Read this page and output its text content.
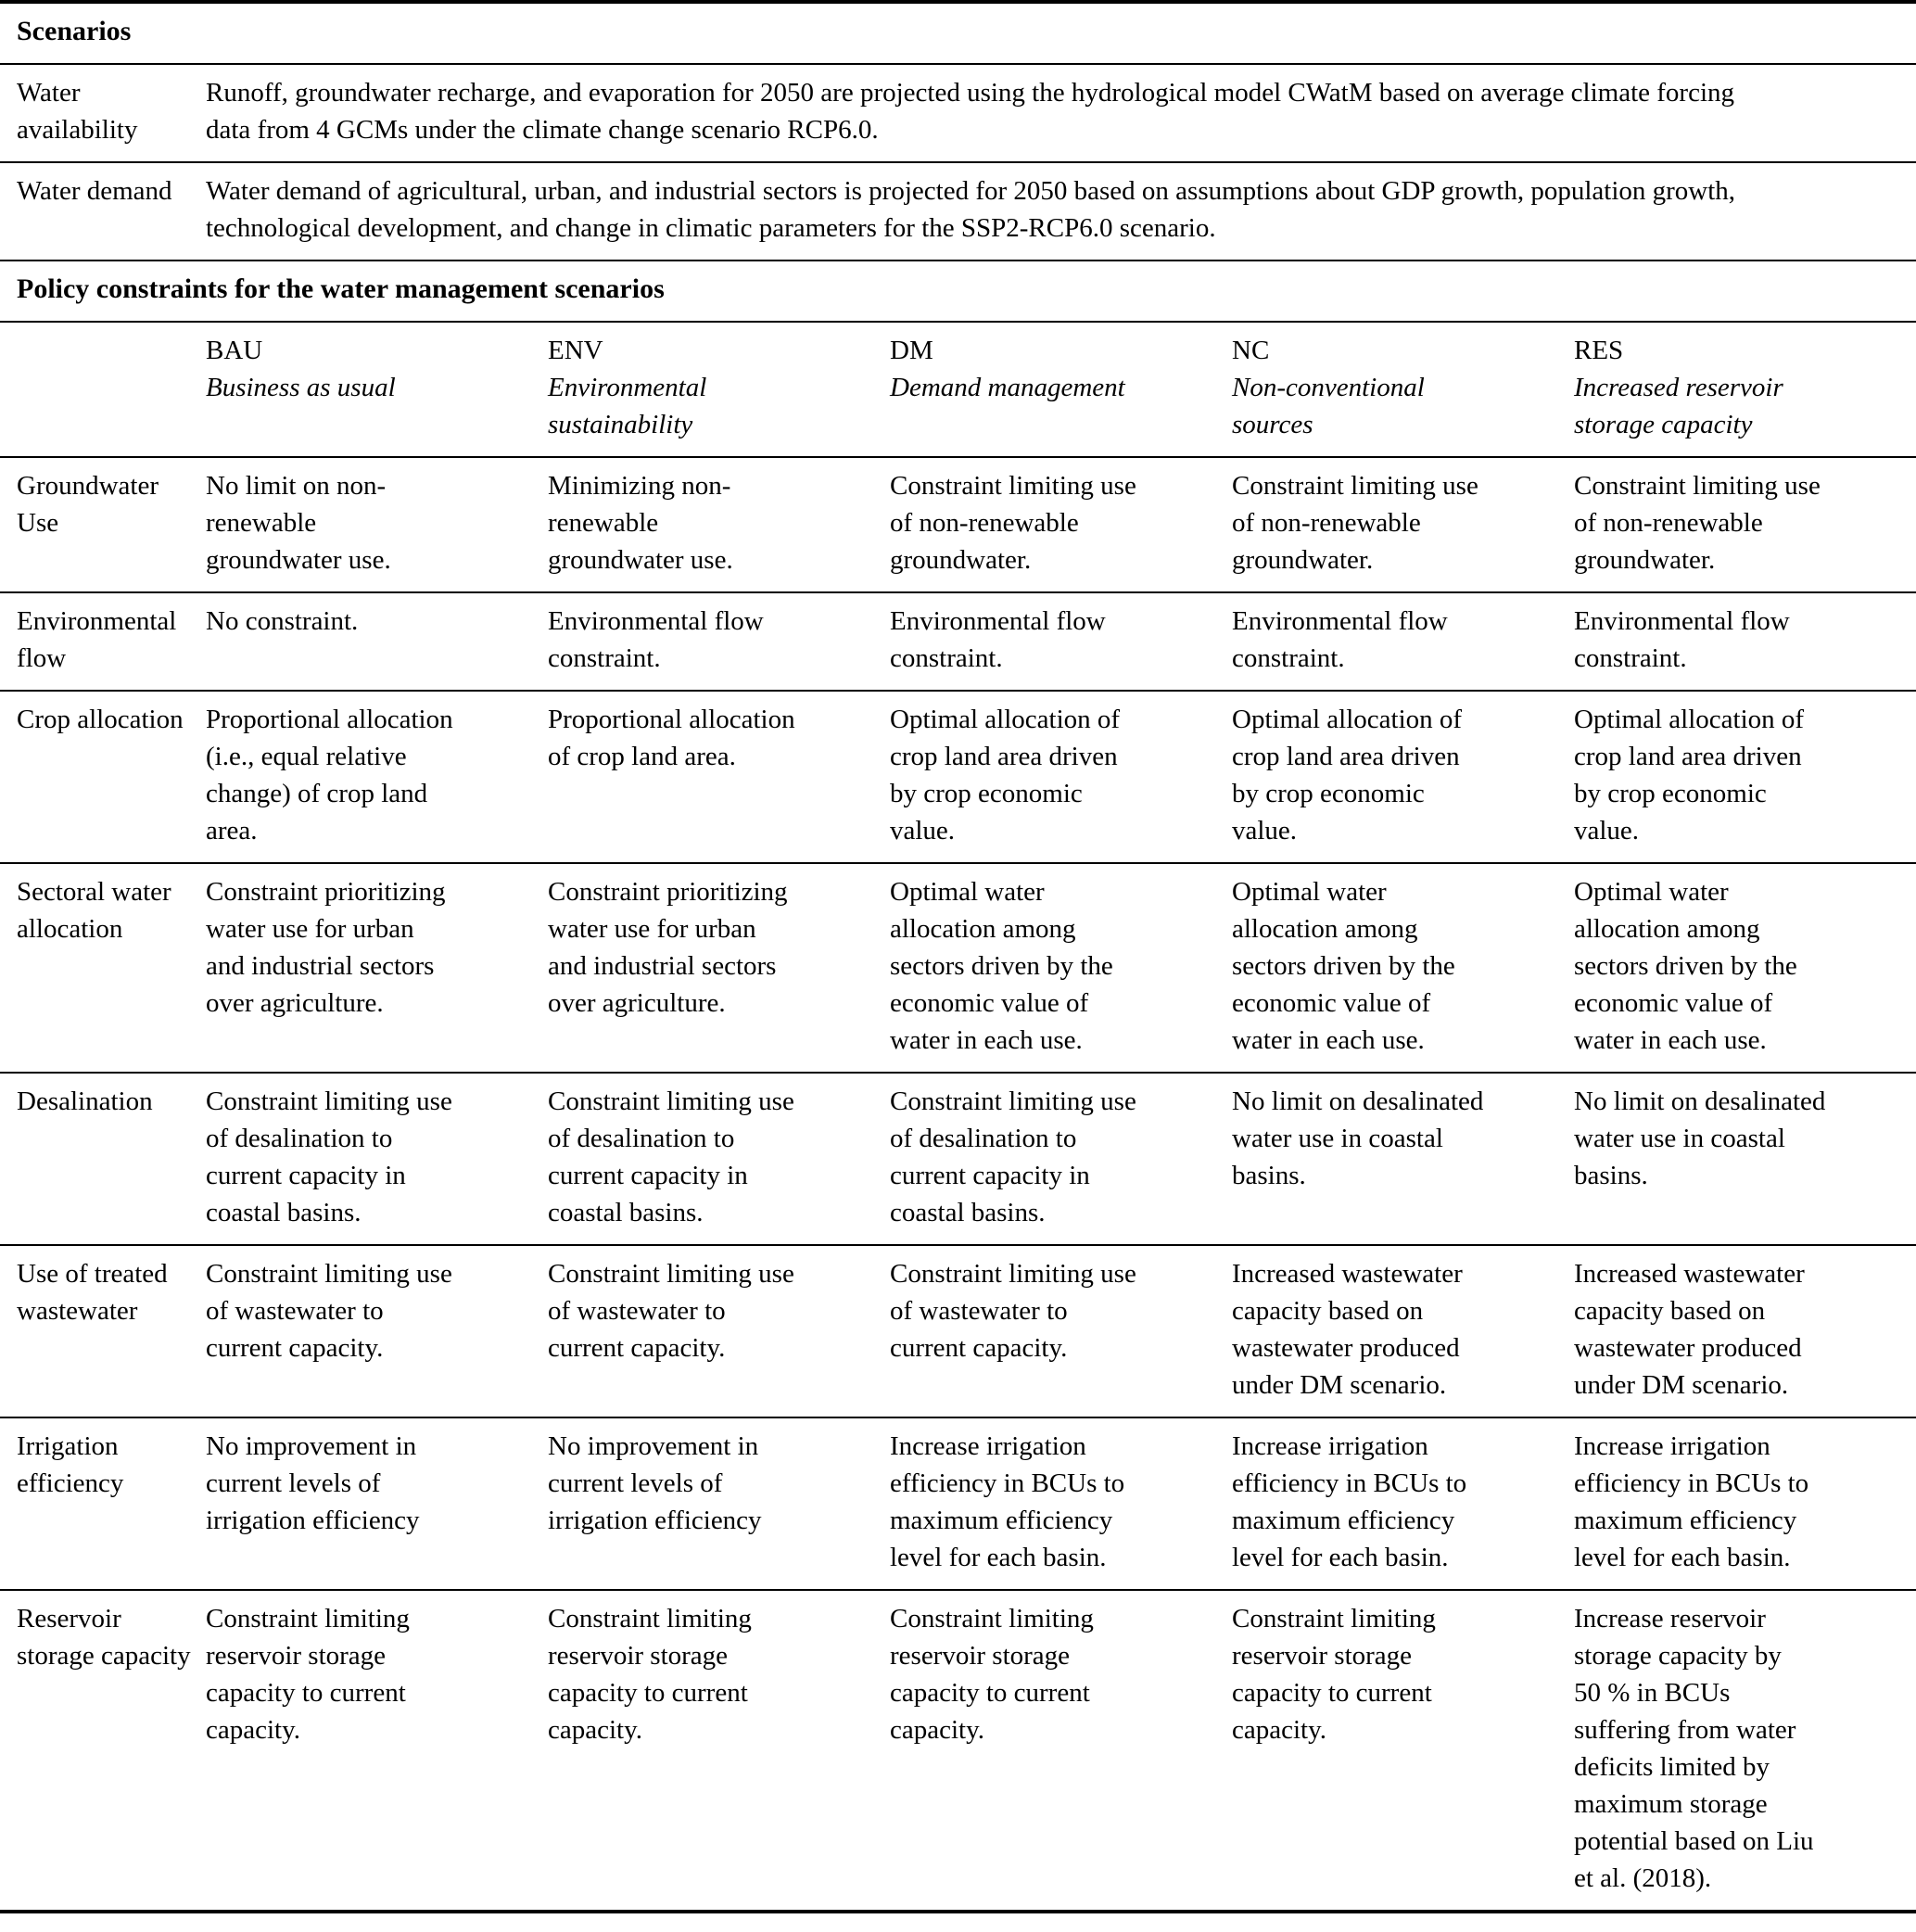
Scenarios					
Water availability	Runoff, groundwater recharge, and evaporation for 2050 are projected using the hydrological model CWatM based on average climate forcing data from 4 GCMs under the climate change scenario RCP6.0.				
Water demand	Water demand of agricultural, urban, and industrial sectors is projected for 2050 based on assumptions about GDP growth, population growth, technological development, and change in climatic parameters for the SSP2-RCP6.0 scenario.				
Policy constraints for the water management scenarios					

BAU
Business as usual

ENV
Environmental sustainability

DM
Demand management

NC
Non-conventional sources

RES
Increased reservoir storage capacity

Groundwater Use	No limit on non-renewable groundwater use.	Minimizing non-renewable groundwater use.	Constraint limiting use of non-renewable groundwater.	Constraint limiting use of non-renewable groundwater.	Constraint limiting use of non-renewable groundwater.
Environmental flow	No constraint.	Environmental flow constraint.	Environmental flow constraint.	Environmental flow constraint.	Environmental flow constraint.
Crop allocation	Proportional allocation (i.e., equal relative change) of crop land area.	Proportional allocation of crop land area.	Optimal allocation of crop land area driven by crop economic value.	Optimal allocation of crop land area driven by crop economic value.	Optimal allocation of crop land area driven by crop economic value.
Sectoral water allocation	Constraint prioritizing water use for urban and industrial sectors over agriculture.	Constraint prioritizing water use for urban and industrial sectors over agriculture.	Optimal water allocation among sectors driven by the economic value of water in each use.	Optimal water allocation among sectors driven by the economic value of water in each use.	Optimal water allocation among sectors driven by the economic value of water in each use.
Desalination	Constraint limiting use of desalination to current capacity in coastal basins.	Constraint limiting use of desalination to current capacity in coastal basins.	Constraint limiting use of desalination to current capacity in coastal basins.	No limit on desalinated water use in coastal basins.	No limit on desalinated water use in coastal basins.
Use of treated wastewater	Constraint limiting use of wastewater to current capacity.	Constraint limiting use of wastewater to current capacity.	Constraint limiting use of wastewater to current capacity.	Increased wastewater capacity based on wastewater produced under DM scenario.	Increased wastewater capacity based on wastewater produced under DM scenario.
Irrigation efficiency	No improvement in current levels of irrigation efficiency	No improvement in current levels of irrigation efficiency	Increase irrigation efficiency in BCUs to maximum efficiency level for each basin.	Increase irrigation efficiency in BCUs to maximum efficiency level for each basin.	Increase irrigation efficiency in BCUs to maximum efficiency level for each basin.
Reservoir storage capacity	Constraint limiting reservoir storage capacity to current capacity.	Constraint limiting reservoir storage capacity to current capacity.	Constraint limiting reservoir storage capacity to current capacity.	Constraint limiting reservoir storage capacity to current capacity.	Increase reservoir storage capacity by 50 % in BCUs suffering from water deficits limited by maximum storage potential based on Liu et al. (2018).
